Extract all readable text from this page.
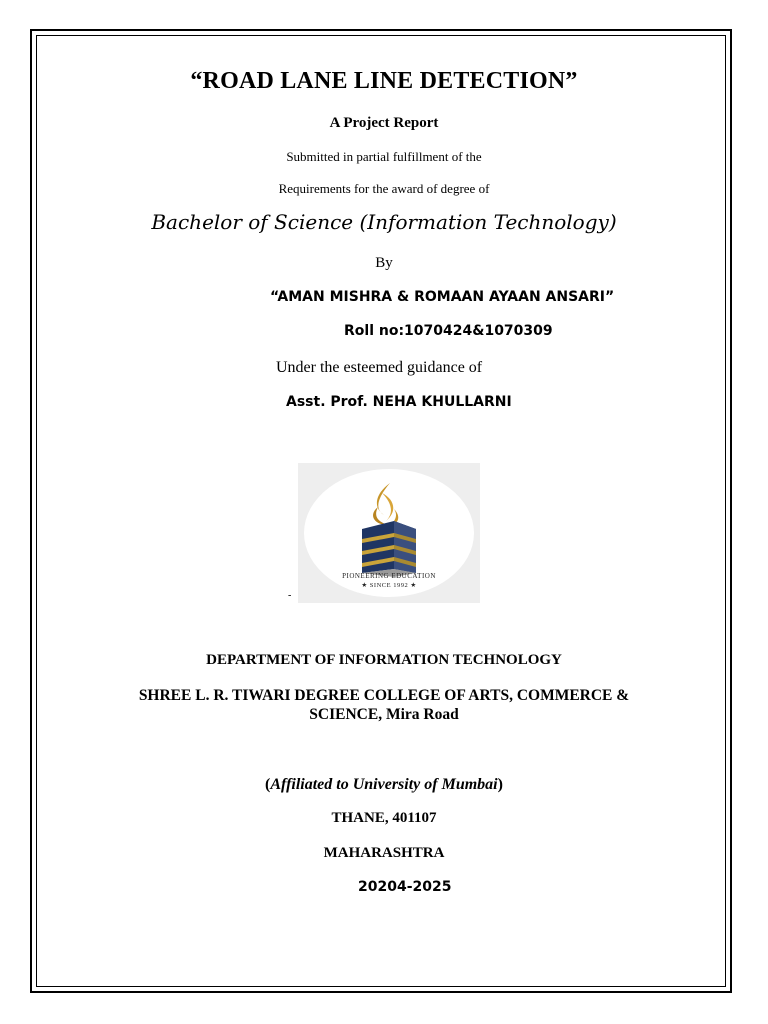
“ROAD LANE LINE DETECTION”
A Project Report
Submitted in partial fulfillment of the
Requirements for the award of degree of
Bachelor of Science (Information Technology)
By
“AMAN MISHRA & ROMAAN AYAAN ANSARI”
Roll no:1070424&1070309
Under the esteemed guidance of
Asst. Prof. NEHA KHULLARNI
PIONEERING EDUCATION
★ SINCE 1992 ★
-
DEPARTMENT OF INFORMATION TECHNOLOGY
SHREE L. R. TIWARI DEGREE COLLEGE OF ARTS, COMMERCE &
SCIENCE, Mira Road
(Affiliated to University of Mumbai)
THANE, 401107
MAHARASHTRA
20204-2025
